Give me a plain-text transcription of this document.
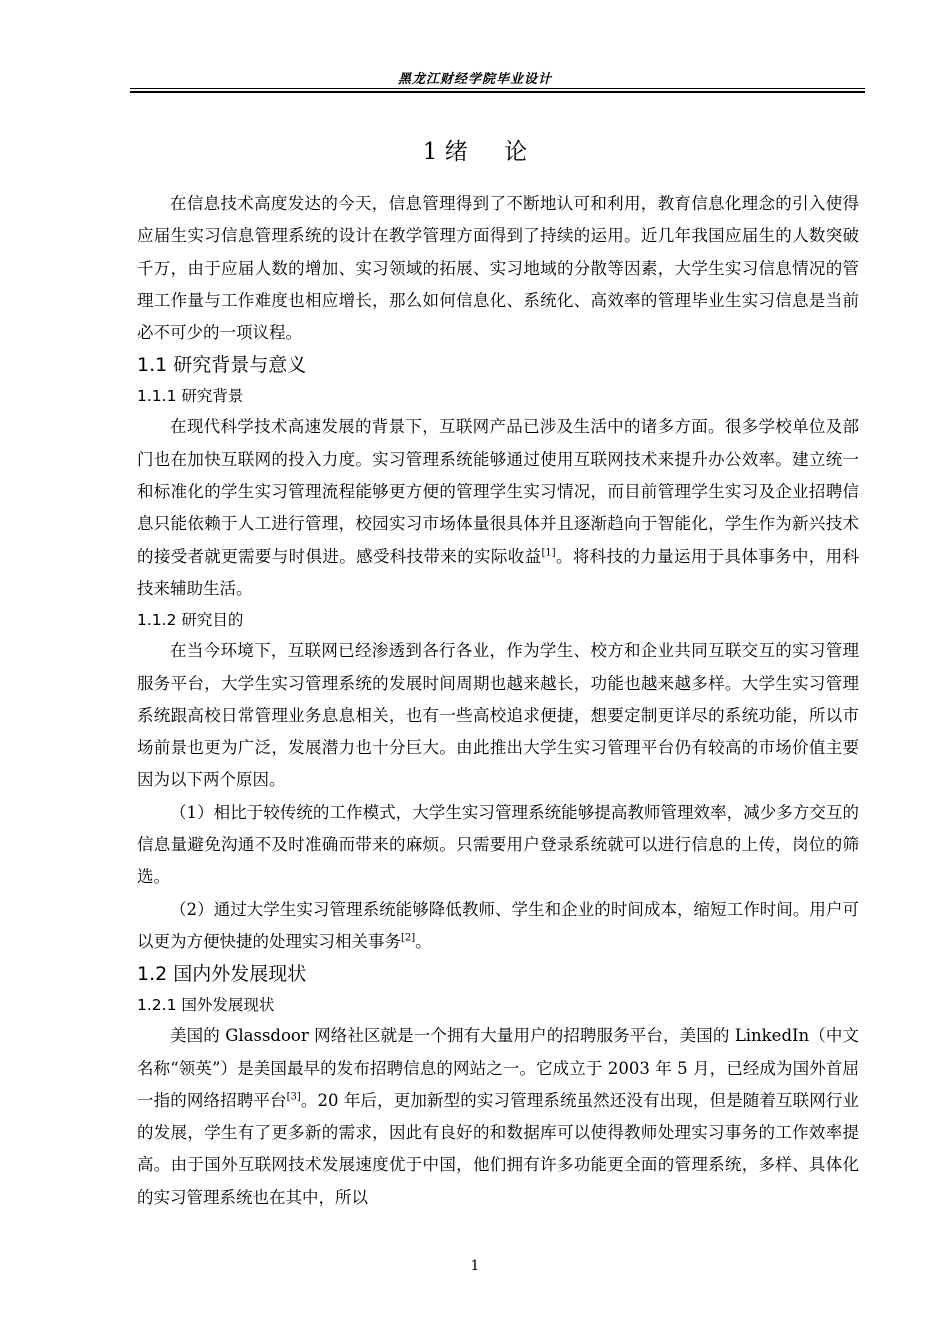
黑龙江财经学院毕业设计
1 绪     论

在信息技术高度发达的今天，信息管理得到了不断地认可和利用，教育信息化理念的引入使得应届生实习信息管理系统的设计在教学管理方面得到了持续的运用。近几年我国应届生的人数突破千万，由于应届人数的增加、实习领域的拓展、实习地域的分散等因素，大学生实习信息情况的管理工作量与工作难度也相应增长，那么如何信息化、系统化、高效率的管理毕业生实习信息是当前必不可少的一项议程。

1.1 研究背景与意义

1.1.1 研究背景

在现代科学技术高速发展的背景下，互联网产品已涉及生活中的诸多方面。很多学校单位及部门也在加快互联网的投入力度。实习管理系统能够通过使用互联网技术来提升办公效率。建立统一和标准化的学生实习管理流程能够更方便的管理学生实习情况，而目前管理学生实习及企业招聘信息只能依赖于人工进行管理，校园实习市场体量很具体并且逐渐趋向于智能化，学生作为新兴技术的接受者就更需要与时俱进。感受科技带来的实际收益[1]。将科技的力量运用于具体事务中，用科技来辅助生活。

1.1.2 研究目的

在当今环境下，互联网已经渗透到各行各业，作为学生、校方和企业共同互联交互的实习管理服务平台，大学生实习管理系统的发展时间周期也越来越长，功能也越来越多样。大学生实习管理系统跟高校日常管理业务息息相关，也有一些高校追求便捷，想要定制更详尽的系统功能，所以市场前景也更为广泛，发展潜力也十分巨大。由此推出大学生实习管理平台仍有较高的市场价值主要因为以下两个原因。

（1）相比于较传统的工作模式，大学生实习管理系统能够提高教师管理效率，减少多方交互的信息量避免沟通不及时准确而带来的麻烦。只需要用户登录系统就可以进行信息的上传，岗位的筛选。

（2）通过大学生实习管理系统能够降低教师、学生和企业的时间成本，缩短工作时间。用户可以更为方便快捷的处理实习相关事务[2]。

1.2 国内外发展现状

1.2.1 国外发展现状

美国的 Glassdoor 网络社区就是一个拥有大量用户的招聘服务平台，美国的 LinkedIn（中文名称“领英”）是美国最早的发布招聘信息的网站之一。它成立于 2003 年 5 月，已经成为国外首屈一指的网络招聘平台[3]。20 年后，更加新型的实习管理系统虽然还没有出现，但是随着互联网行业的发展，学生有了更多新的需求，因此有良好的和数据库可以使得教师处理实习事务的工作效率提高。由于国外互联网技术发展速度优于中国，他们拥有许多功能更全面的管理系统，多样、具体化的实习管理系统也在其中，所以

1
